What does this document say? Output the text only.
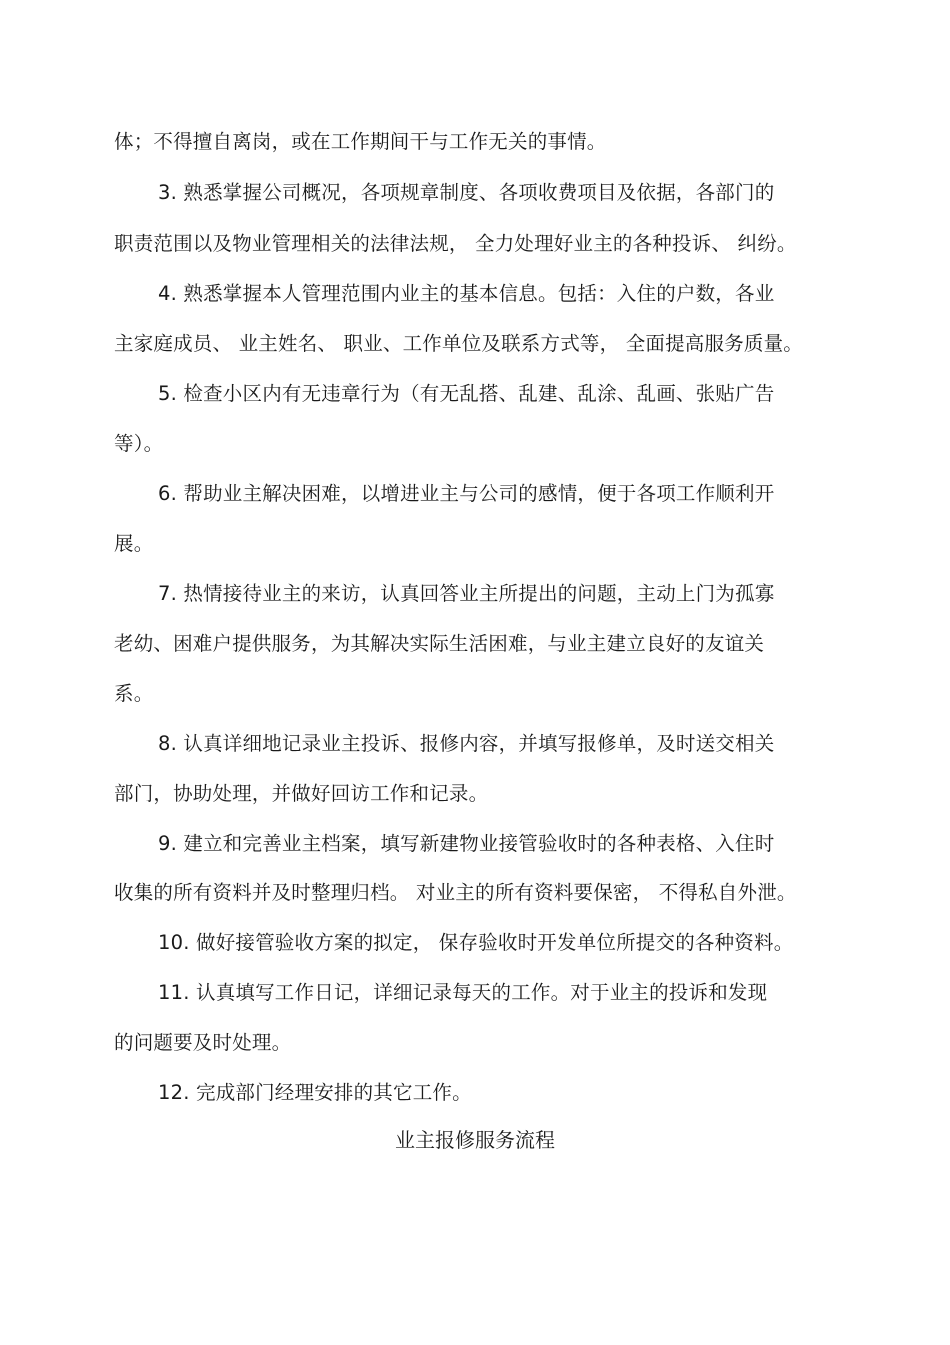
体；不得擅自离岗，或在工作期间干与工作无关的事情。
3. 熟悉掌握公司概况，各项规章制度、各项收费项目及依据，各部门的
职责范围以及物业管理相关的法律法规， 全力处理好业主的各种投诉、 纠纷。
4. 熟悉掌握本人管理范围内业主的基本信息。包括：入住的户数，各业
主家庭成员、 业主姓名、 职业、工作单位及联系方式等， 全面提高服务质量。
5. 检查小区内有无违章行为（有无乱搭、乱建、乱涂、乱画、张贴广告
等）。
6. 帮助业主解决困难，以增进业主与公司的感情，便于各项工作顺利开
展。
7. 热情接待业主的来访，认真回答业主所提出的问题，主动上门为孤寡
老幼、困难户提供服务，为其解决实际生活困难，与业主建立良好的友谊关
系。
8. 认真详细地记录业主投诉、报修内容，并填写报修单，及时送交相关
部门，协助处理，并做好回访工作和记录。
9. 建立和完善业主档案，填写新建物业接管验收时的各种表格、入住时
收集的所有资料并及时整理归档。 对业主的所有资料要保密， 不得私自外泄。
10. 做好接管验收方案的拟定， 保存验收时开发单位所提交的各种资料。
11. 认真填写工作日记，详细记录每天的工作。对于业主的投诉和发现
的问题要及时处理。
12. 完成部门经理安排的其它工作。
业主报修服务流程
